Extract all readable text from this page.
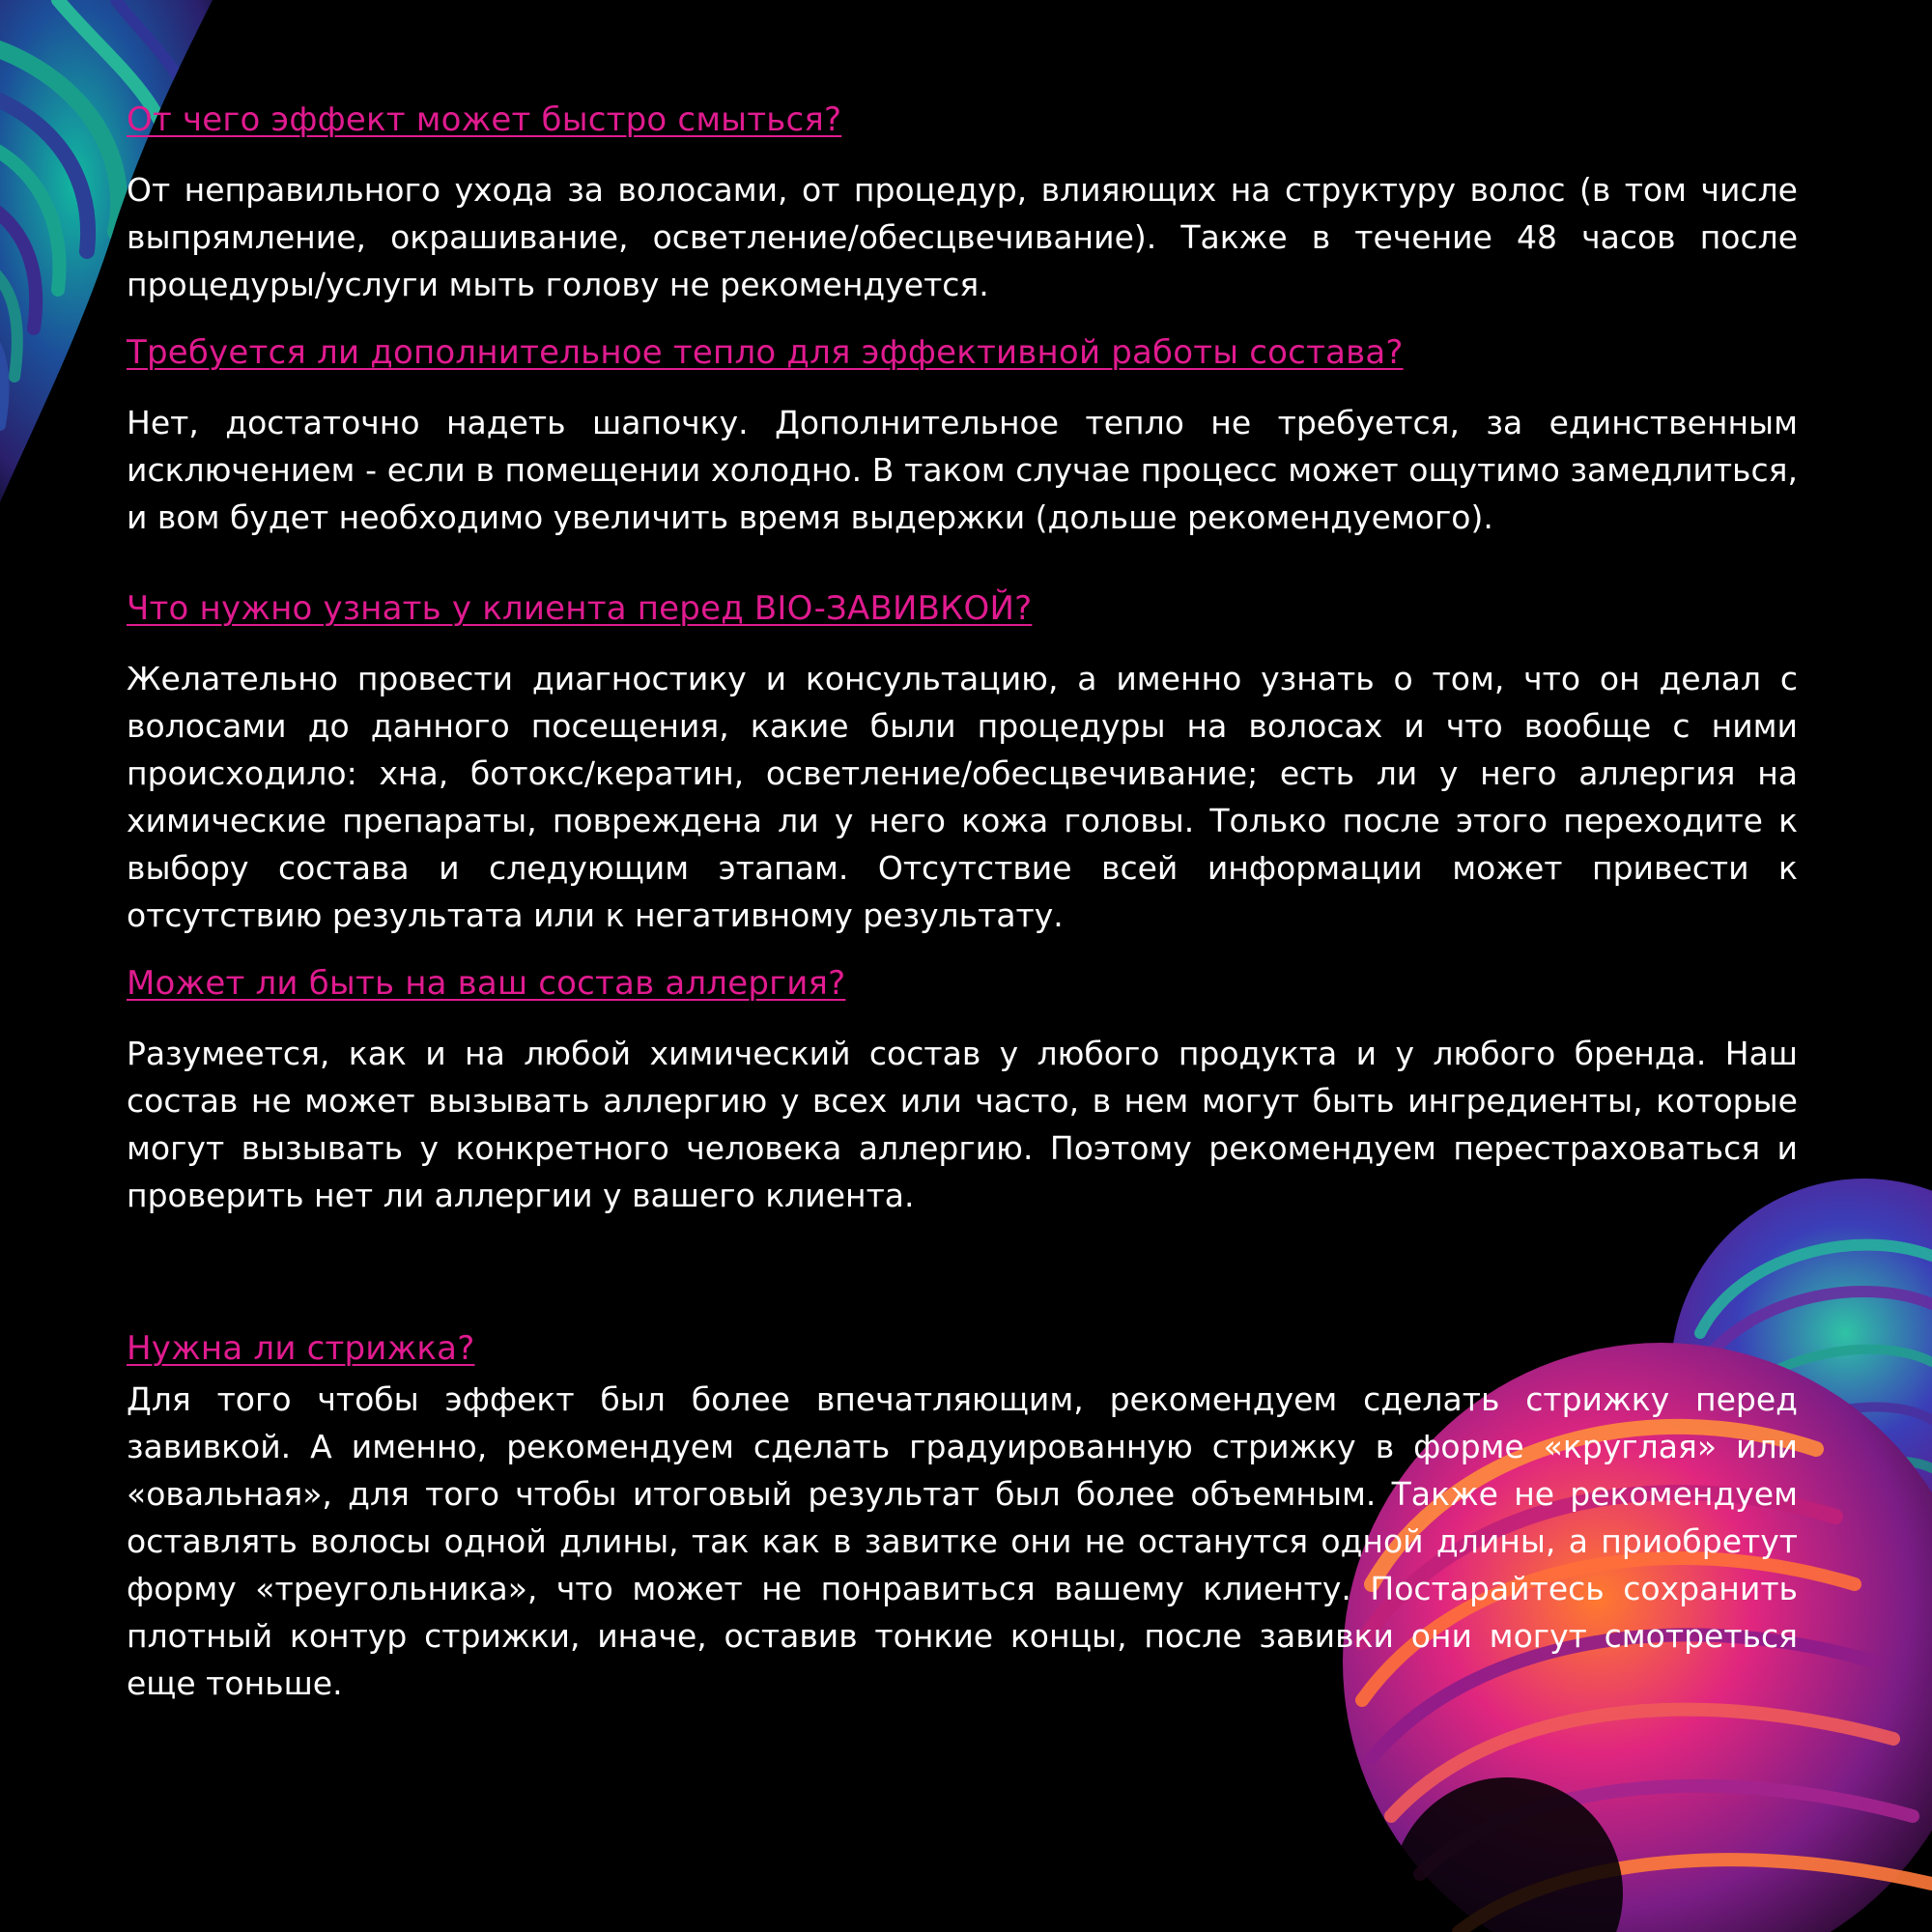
От чего эффект может быстро смыться?

От неправильного ухода за волосами, от процедур, влияющих на структуру волос (в том числе выпрямление, окрашивание, осветление/обесцвечивание). Также в течение 48 часов после процедуры/услуги мыть голову не рекомендуется.

Требуется ли дополнительное тепло для эффективной работы состава?

Нет, достаточно надеть шапочку. Дополнительное тепло не требуется, за единственным исключением - если в помещении холодно. В таком случае процесс может ощутимо замедлиться, и вом будет необходимо увеличить время выдержки (дольше рекомендуемого).

Что нужно узнать у клиента перед BIO-ЗАВИВКОЙ?

Желательно провести диагностику и консультацию, а именно узнать о том, что он делал с волосами до данного посещения, какие были процедуры на волосах и что вообще с ними происходило: хна, ботокс/кератин, осветление/обесцвечивание; есть ли у него аллергия на химические препараты, повреждена ли у него кожа головы. Только после этого переходите к выбору состава и следующим этапам. Отсутствие всей информации может привести к отсутствию результата или к негативному результату.

Может ли быть на ваш состав аллергия?

Разумеется, как и на любой химический состав у любого продукта и у любого бренда. Наш состав не может вызывать аллергию у всех или часто, в нем могут быть ингредиенты, которые могут вызывать у конкретного человека аллергию. Поэтому рекомендуем перестраховаться и проверить нет ли аллергии у вашего клиента.

Нужна ли стрижка?

Для того чтобы эффект был более впечатляющим, рекомендуем сделать стрижку перед завивкой. А именно, рекомендуем сделать градуированную стрижку в форме «круглая» или «овальная», для того чтобы итоговый результат был более объемным. Также не рекомендуем оставлять волосы одной длины, так как в завитке они не останутся одной длины, а приобретут форму «треугольника», что может не понравиться вашему клиенту. Постарайтесь сохранить плотный контур стрижки, иначе, оставив тонкие концы, после завивки они могут смотреться еще тоньше.
